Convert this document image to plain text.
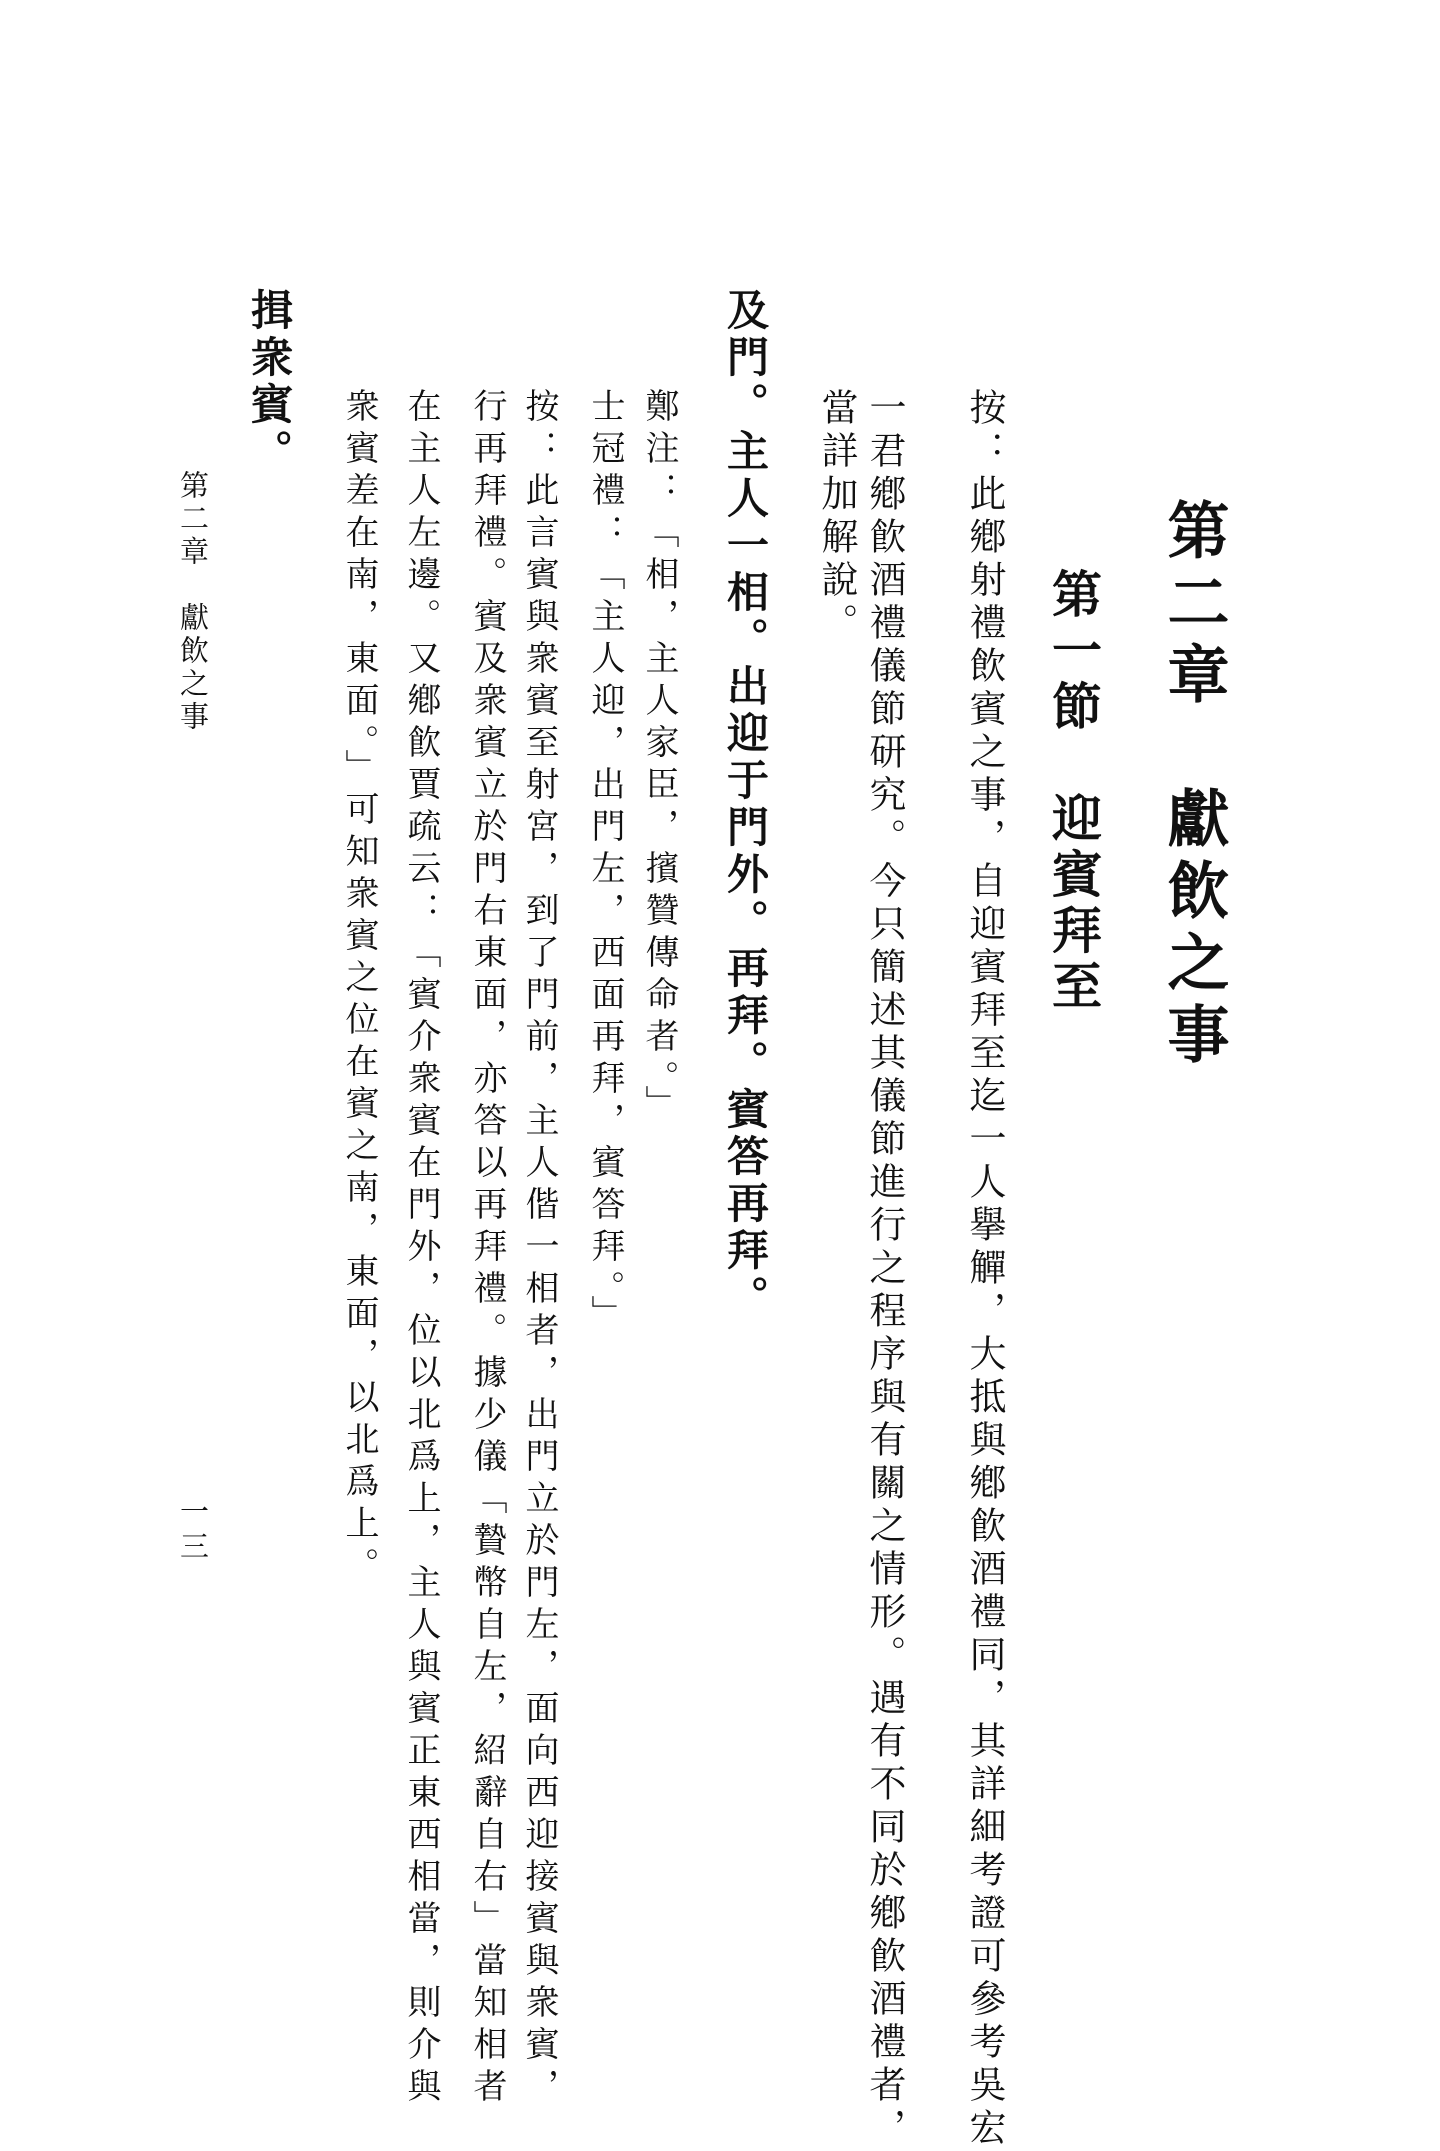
第二章　獻飲之事
第一節　迎賓拜至
按：此鄕射禮飲賓之事，自迎賓拜至迄一人擧觶，大抵與鄕飮酒禮同，其詳細考證可參考吳宏
一君鄕飮酒禮儀節研究。今只簡述其儀節進行之程序與有關之情形。遇有不同於鄕飮酒禮者，
當詳加解說。
及門。主人一相。出迎于門外。再拜。賓答再拜。
鄭注：「相，主人家臣，擯贊傳命者。」
士冠禮：「主人迎，出門左，西面再拜，賓答拜。」
按：此言賓與衆賓至射宮，到了門前，主人偕一相者，出門立於門左，面向西迎接賓與衆賓，
行再拜禮。賓及衆賓立於門右東面，亦答以再拜禮。據少儀「贄幣自左，紹辭自右」當知相者
在主人左邊。又鄕飮賈疏云：「賓介衆賓在門外，位以北爲上，主人與賓正東西相當，則介與
衆賓差在南，東面。」可知衆賓之位在賓之南，東面，以北爲上。
揖衆賓。
第二章　獻飲之事
一三
